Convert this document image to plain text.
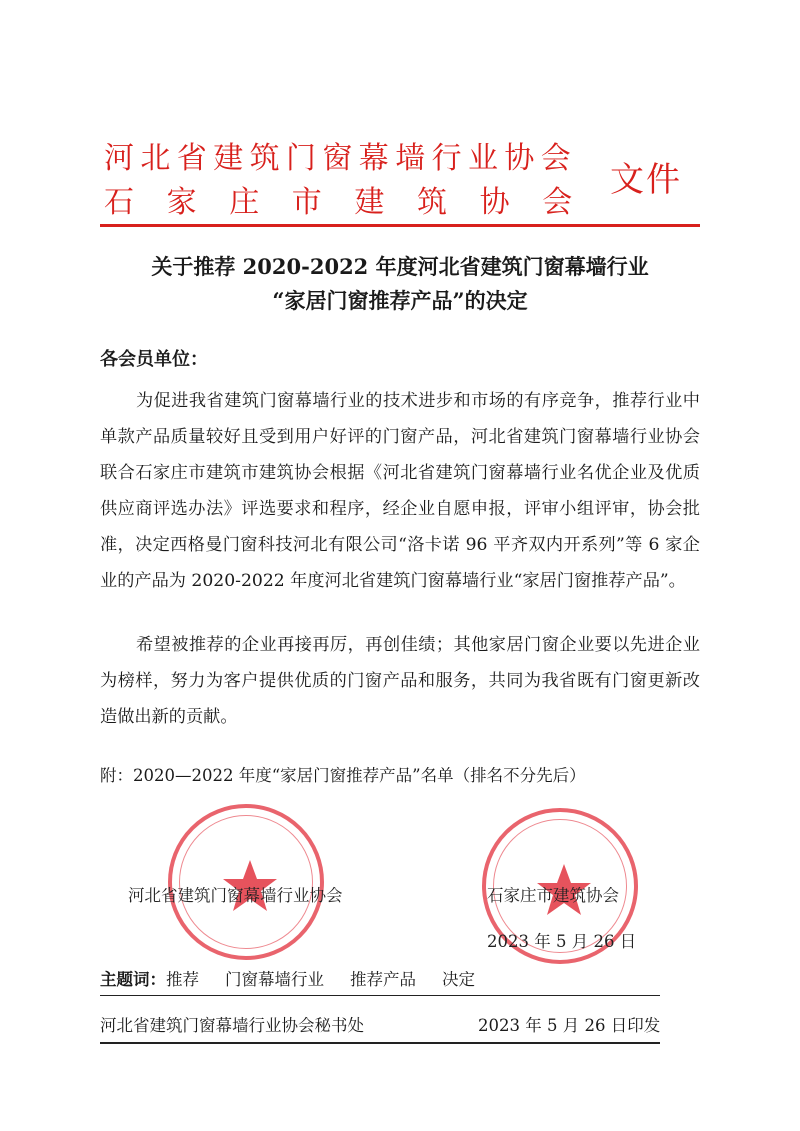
河北省建筑门窗幕墙行业协会
石家庄市建筑协会
文件
关于推荐 2020-2022 年度河北省建筑门窗幕墙行业
“家居门窗推荐产品”的决定
各会员单位：
为促进我省建筑门窗幕墙行业的技术进步和市场的有序竞争，推荐行业中单款产品质量较好且受到用户好评的门窗产品，河北省建筑门窗幕墙行业协会联合石家庄市建筑市建筑协会根据《河北省建筑门窗幕墙行业名优企业及优质供应商评选办法》评选要求和程序，经企业自愿申报，评审小组评审，协会批准，决定西格曼门窗科技河北有限公司“洛卡诺 96 平齐双内开系列”等 6 家企业的产品为 2020-2022 年度河北省建筑门窗幕墙行业“家居门窗推荐产品”。
希望被推荐的企业再接再厉，再创佳绩；其他家居门窗企业要以先进企业为榜样，努力为客户提供优质的门窗产品和服务，共同为我省既有门窗更新改造做出新的贡献。
附：2020—2022 年度“家居门窗推荐产品”名单（排名不分先后）
河北省建筑门窗幕墙行业协会	石家庄市建筑协会
2023 年 5 月 26 日
主题词：推荐 门窗幕墙行业 推荐产品 决定
河北省建筑门窗幕墙行业协会秘书处	2023 年 5 月 26 日印发
